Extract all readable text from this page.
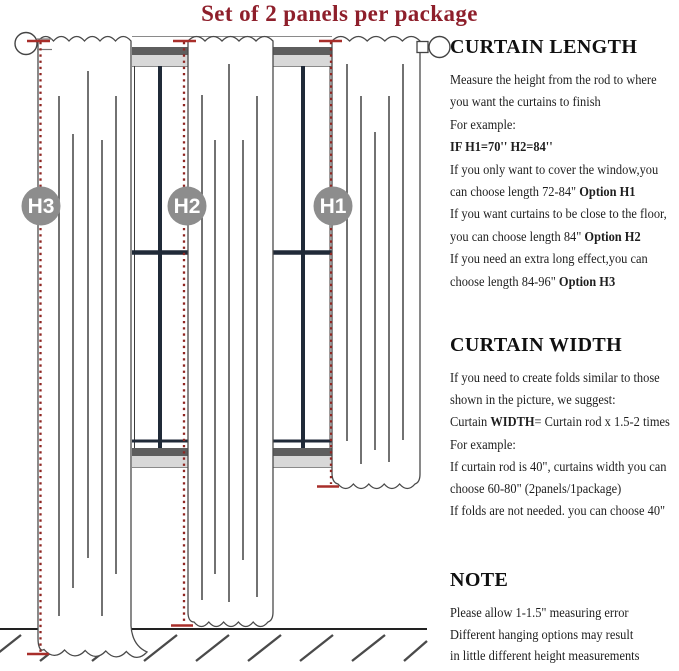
Set of 2 panels per package
H3	H2	H1
CURTAIN LENGTH
Measure the height from the rod to where
you want the curtains to finish
For example:
IF H1=70'' H2=84''
If you only want to cover the window,you
can choose length 72-84" Option H1
If you want curtains to be close to the floor,
you can choose length 84" Option H2
If you need an extra long effect,you can
choose length 84-96" Option H3
CURTAIN WIDTH
If you need to create folds similar to those
shown in the picture, we suggest:
Curtain WIDTH= Curtain rod x 1.5-2 times
For example:
If curtain rod is 40", curtains width you can
choose 60-80" (2panels/1package)
If folds are not needed. you can choose 40"
NOTE
Please allow 1-1.5" measuring error
Different hanging options may result
in little different height measurements
